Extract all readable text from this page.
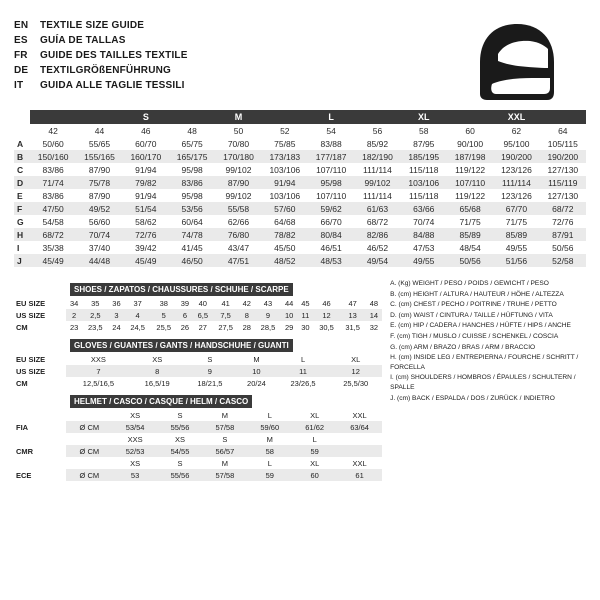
EN	TEXTILE SIZE GUIDE
ES	GUÍA DE TALLAS
FR	GUIDE DES TAILLES TEXTILE
DE	TEXTILGRÖßENFÜHRUNG
IT	GUIDA ALLE TAGLIE TESSILI
			S		M		L		XL		XXL	
	42	44	46	48	50	52	54	56	58	60	62	64
A	50/60	55/65	60/70	65/75	70/80	75/85	83/88	85/92	87/95	90/100	95/100	105/115
B	150/160	155/165	160/170	165/175	170/180	173/183	177/187	182/190	185/195	187/198	190/200	190/200
C	83/86	87/90	91/94	95/98	99/102	103/106	107/110	111/114	115/118	119/122	123/126	127/130
D	71/74	75/78	79/82	83/86	87/90	91/94	95/98	99/102	103/106	107/110	111/114	115/119
E	83/86	87/90	91/94	95/98	99/102	103/106	107/110	111/114	115/118	119/122	123/126	127/130
F	47/50	49/52	51/54	53/56	55/58	57/60	59/62	61/63	63/66	65/68	67/70	68/72
G	54/58	56/60	58/62	60/64	62/66	64/68	66/70	68/72	70/74	71/75	71/75	72/76
H	68/72	70/74	72/76	74/78	76/80	78/82	80/84	82/86	84/88	85/89	85/89	87/91
I	35/38	37/40	39/42	41/45	43/47	45/50	46/51	46/52	47/53	48/54	49/55	50/56
J	45/49	44/48	45/49	46/50	47/51	48/52	48/53	49/54	49/55	50/56	51/56	52/58
SHOES / ZAPATOS / CHAUSSURES / SCHUHE / SCARPE
EU SIZE	34	35	36	37	38	39	40	41	42	43	44	45	46	47	48
US SIZE	2	2,5	3	4	5	6	6,5	7,5	8	9	10	11	12	13	14
CM	23	23,5	24	24,5	25,5	26	27	27,5	28	28,5	29	30	30,5	31,5	32
GLOVES / GUANTES / GANTS / HANDSCHUHE / GUANTI
EU SIZE	XXS	XS	S	M	L	XL
US SIZE	7	8	9	10	11	12
CM	12,5/16,5	16,5/19	18/21,5	20/24	23/26,5	25,5/30
HELMET / CASCO / CASQUE / HELM / CASCO
		XS	S	M	L	XL	XXL
FIA	Ø CM	53/54	55/56	57/58	59/60	61/62	63/64
		XXS	XS	S	M	L	
CMR	Ø CM	52/53	54/55	56/57	58	59	
		XS	S	M	L	XL	XXL
ECE	Ø CM	53	55/56	57/58	59	60	61
A. (Kg) WEIGHT / PESO / POIDS / GEWICHT / PESO
B. (cm) HEIGHT / ALTURA / HAUTEUR / HÖHE / ALTEZZA
C. (cm) CHEST / PECHO / POITRINE / TRUHE / PETTO
D. (cm) WAIST / CINTURA / TAILLE / HÜFTUNG / VITA
E. (cm) HIP / CADERA / HANCHES / HÜFTE / HIPS / ANCHE
F. (cm) TIGH / MUSLO / CUISSE / SCHENKEL / COSCIA
G. (cm) ARM / BRAZO / BRAS / ARM / BRACCIO
H. (cm) INSIDE LEG / ENTREPIERNA / FOURCHE / SCHRITT / FORCELLA
I. (cm) SHOULDERS / HOMBROS / ÉPAULES / SCHULTERN / SPALLE
J. (cm) BACK / ESPALDA / DOS / ZURÜCK / INDIETRO
